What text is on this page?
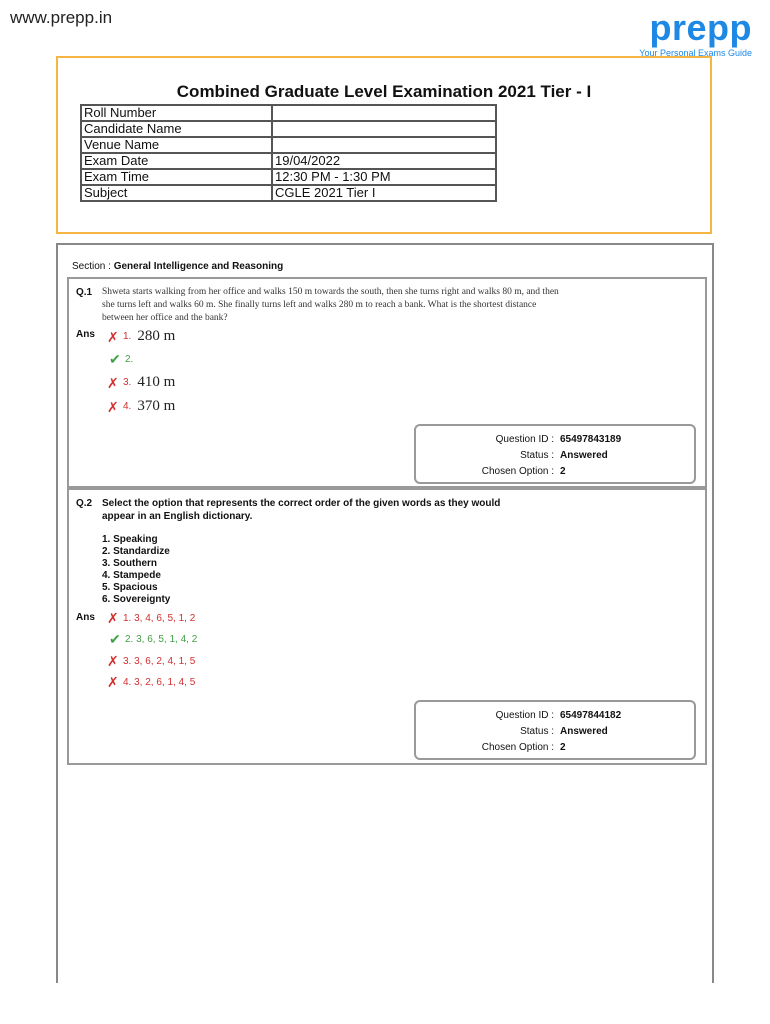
www.prepp.in	prepp
Your Personal Exams Guide
Combined Graduate Level Examination 2021 Tier - I
Roll Number	
Candidate Name	
Venue Name	
Exam Date	19/04/2022
Exam Time	12:30 PM - 1:30 PM
Subject	CGLE 2021 Tier I
Section : General Intelligence and Reasoning
Q.1 Shweta starts walking from her office and walks 150 m towards the south, then she turns right and walks 80 m, and then
she turns left and walks 60 m. She finally turns left and walks 280 m to reach a bank. What is the shortest distance
between her office and the bank?
Ans ✗ 1. 280 m
✔ 2.
✗ 3. 410 m
✗ 4. 370 m
Question ID : 65497843189
Status : Answered
Chosen Option : 2
Q.2 Select the option that represents the correct order of the given words as they would
appear in an English dictionary.
1. Speaking
2. Standardize
3. Southern
4. Stampede
5. Spacious
6. Sovereignty
Ans ✗ 1.
3, 4, 6, 5, 1, 2
✔ 2.
3, 6, 5, 1, 4, 2
✗ 3.
3, 6, 2, 4, 1, 5
✗ 4.
3, 2, 6, 1, 4, 5
Question ID : 65497844182
Status : Answered
Chosen Option : 2
